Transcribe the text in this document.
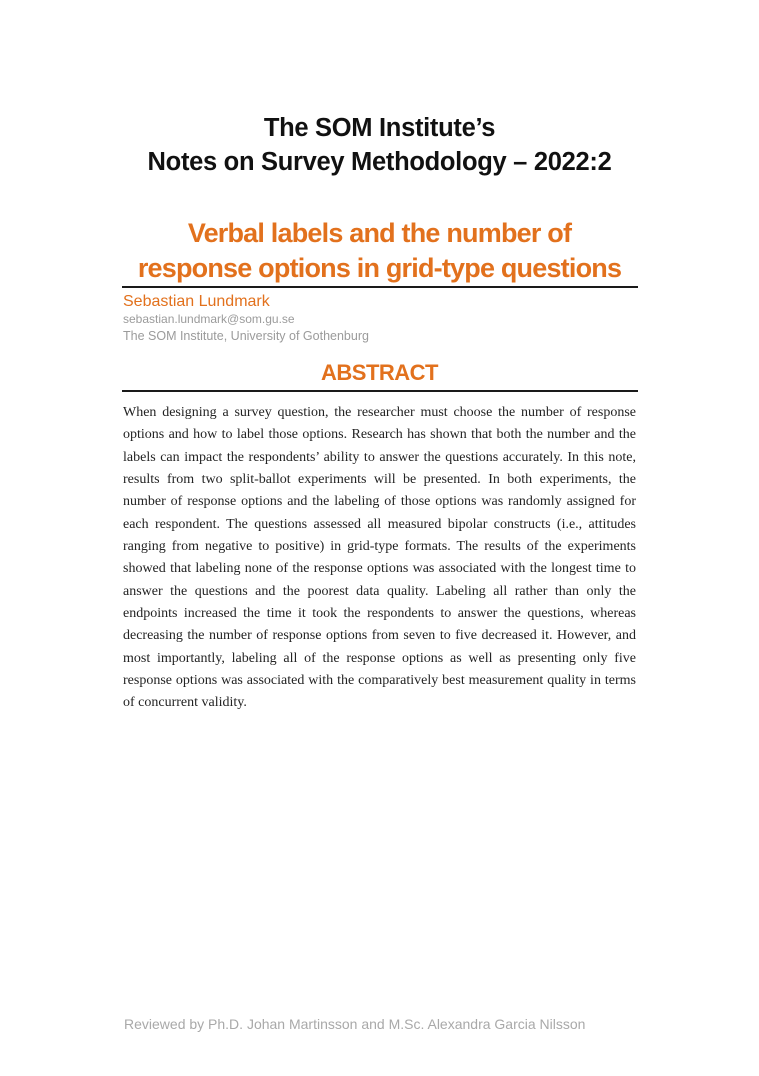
The SOM Institute’s
Notes on Survey Methodology – 2022:2
Verbal labels and the number of
response options in grid-type questions
Sebastian Lundmark
sebastian.lundmark@som.gu.se
The SOM Institute, University of Gothenburg
ABSTRACT

When designing a survey question, the researcher must choose the number of response options and how to label those options. Research has shown that both the number and the labels can impact the respondents’ ability to answer the questions accurately. In this note, results from two split-ballot experiments will be presented. In both experiments, the number of response options and the labeling of those options was randomly assigned for each respondent. The questions assessed all measured bipolar constructs (i.e., attitudes ranging from negative to positive) in grid-type formats. The results of the experiments showed that labeling none of the response options was associated with the longest time to answer the questions and the poorest data quality. Labeling all rather than only the endpoints increased the time it took the respondents to answer the questions, whereas decreasing the number of response options from seven to five decreased it. However, and most importantly, labeling all of the response options as well as presenting only five response options was associated with the comparatively best measurement quality in terms of concurrent validity.

Reviewed by Ph.D. Johan Martinsson and M.Sc. Alexandra Garcia Nilsson
